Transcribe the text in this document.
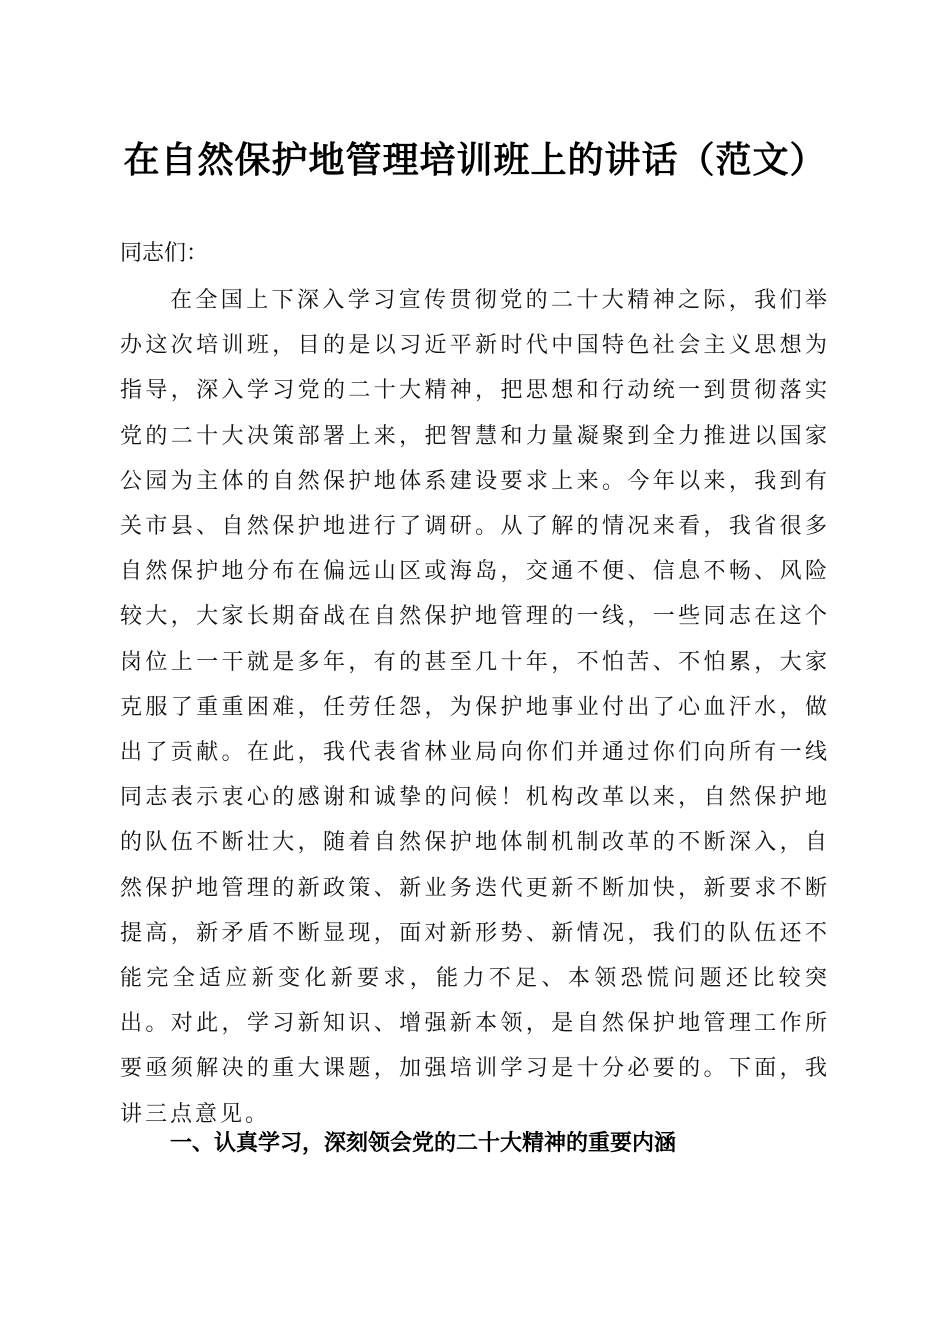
在自然保护地管理培训班上的讲话（范文）

同志们：

在全国上下深入学习宣传贯彻党的二十大精神之际，我们举办这次培训班，目的是以习近平新时代中国特色社会主义思想为指导，深入学习党的二十大精神，把思想和行动统一到贯彻落实党的二十大决策部署上来，把智慧和力量凝聚到全力推进以国家公园为主体的自然保护地体系建设要求上来。今年以来，我到有关市县、自然保护地进行了调研。从了解的情况来看，我省很多自然保护地分布在偏远山区或海岛，交通不便、信息不畅、风险较大，大家长期奋战在自然保护地管理的一线，一些同志在这个岗位上一干就是多年，有的甚至几十年，不怕苦、不怕累，大家克服了重重困难，任劳任怨，为保护地事业付出了心血汗水，做出了贡献。在此，我代表省林业局向你们并通过你们向所有一线同志表示衷心的感谢和诚挚的问候！机构改革以来，自然保护地的队伍不断壮大，随着自然保护地体制机制改革的不断深入，自然保护地管理的新政策、新业务迭代更新不断加快，新要求不断提高，新矛盾不断显现，面对新形势、新情况，我们的队伍还不能完全适应新变化新要求，能力不足、本领恐慌问题还比较突出。对此，学习新知识、增强新本领，是自然保护地管理工作所要亟须解决的重大课题，加强培训学习是十分必要的。下面，我讲三点意见。

一、认真学习，深刻领会党的二十大精神的重要内涵
